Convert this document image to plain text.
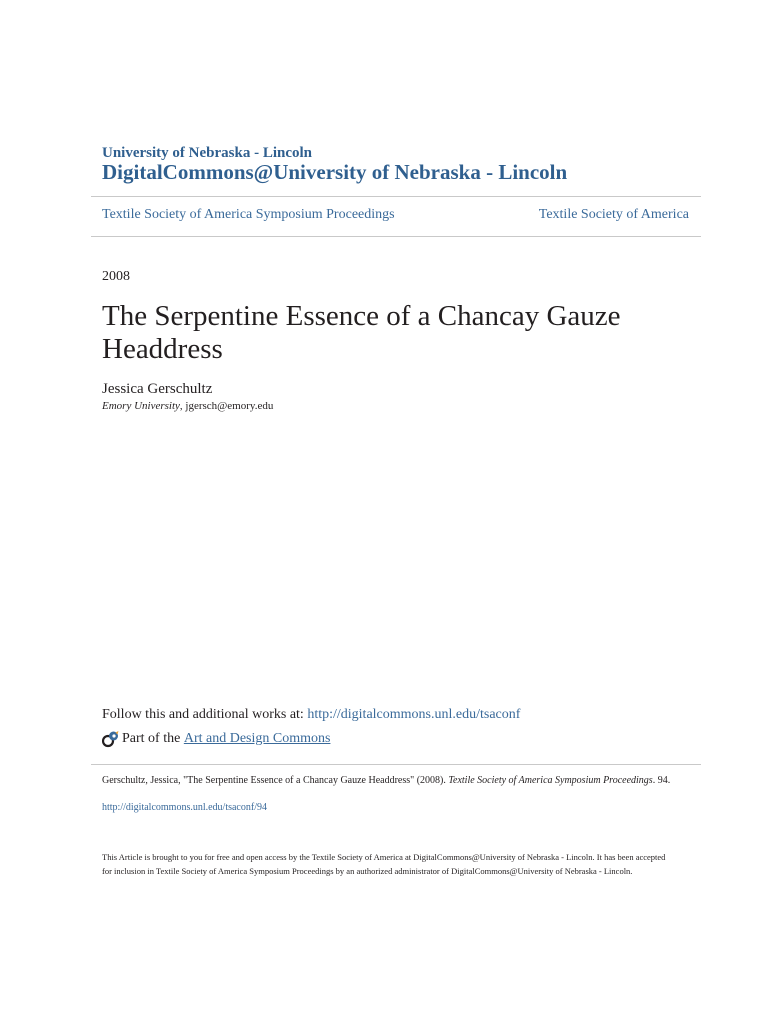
University of Nebraska - Lincoln
DigitalCommons@University of Nebraska - Lincoln
Textile Society of America Symposium Proceedings	Textile Society of America
2008
The Serpentine Essence of a Chancay Gauze Headdress
Jessica Gerschultz
Emory University, jgersch@emory.edu
Follow this and additional works at: http://digitalcommons.unl.edu/tsaconf
Part of the
Art and Design Commons
Gerschultz, Jessica, "The Serpentine Essence of a Chancay Gauze Headdress" (2008). Textile Society of America Symposium Proceedings. 94.
http://digitalcommons.unl.edu/tsaconf/94
This Article is brought to you for free and open access by the Textile Society of America at DigitalCommons@University of Nebraska - Lincoln. It has been accepted for inclusion in Textile Society of America Symposium Proceedings by an authorized administrator of DigitalCommons@University of Nebraska - Lincoln.
